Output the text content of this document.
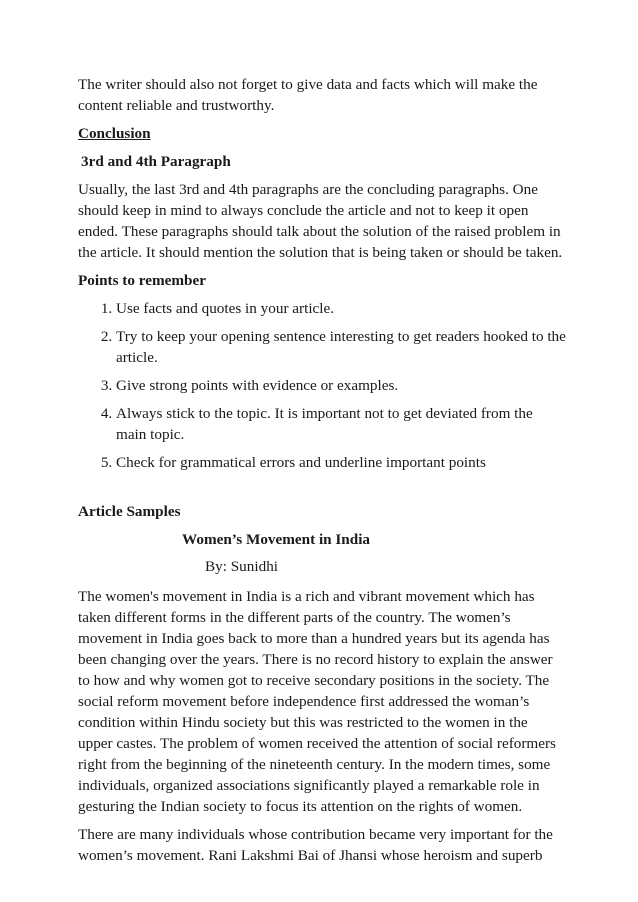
The writer should also not forget to give data and facts which will make the content reliable and trustworthy.

Conclusion

3rd and 4th Paragraph

Usually, the last 3rd and 4th paragraphs are the concluding paragraphs. One should keep in mind to always conclude the article and not to keep it open ended. These paragraphs should talk about the solution of the raised problem in the article. It should mention the solution that is being taken or should be taken.

Points to remember

1. Use facts and quotes in your article.
2. Try to keep your opening sentence interesting to get readers hooked to the article.
3. Give strong points with evidence or examples.
4. Always stick to the topic. It is important not to get deviated from the main topic.
5. Check for grammatical errors and underline important points

Article Samples

Women’s Movement in India

By: Sunidhi

The women's movement in India is a rich and vibrant movement which has taken different forms in the different parts of the country. The women’s movement in India goes back to more than a hundred years but its agenda has been changing over the years. There is no record history to explain the answer to how and why women got to receive secondary positions in the society. The social reform movement before independence first addressed the woman’s condition within Hindu society but this was restricted to the women in the upper castes. The problem of women received the attention of social reformers right from the beginning of the nineteenth century. In the modern times, some individuals, organized associations significantly played a remarkable role in gesturing the Indian society to focus its attention on the rights of women.

There are many individuals whose contribution became very important for the women’s movement. Rani Lakshmi Bai of Jhansi whose heroism and superb
